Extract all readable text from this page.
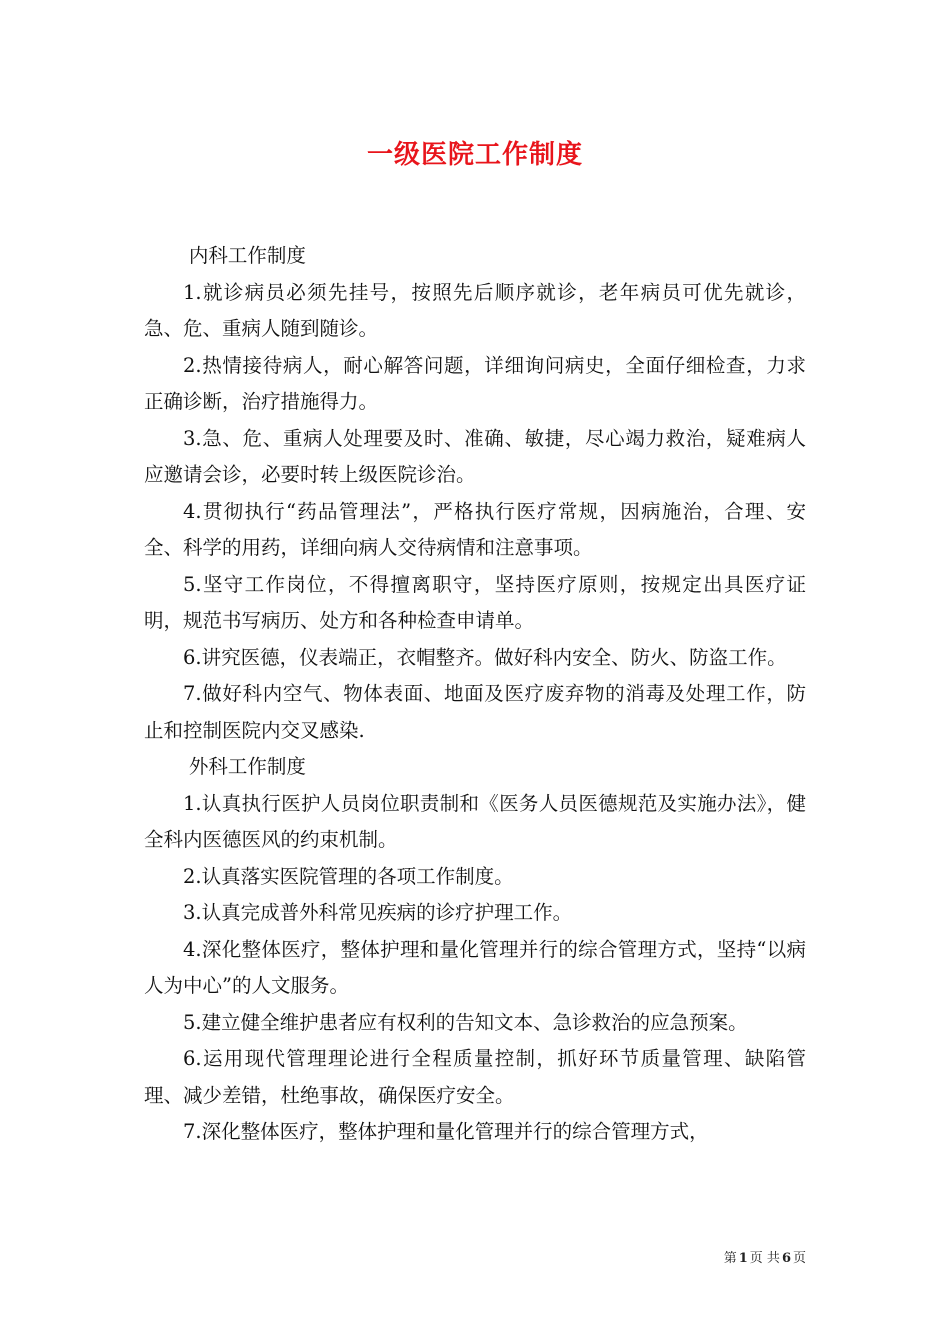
一级医院工作制度

内科工作制度

1.就诊病员必须先挂号，按照先后顺序就诊，老年病员可优先就诊，急、危、重病人随到随诊。

2.热情接待病人，耐心解答问题，详细询问病史，全面仔细检查，力求正确诊断，治疗措施得力。

3.急、危、重病人处理要及时、准确、敏捷，尽心竭力救治，疑难病人应邀请会诊，必要时转上级医院诊治。

4.贯彻执行“药品管理法”，严格执行医疗常规，因病施治，合理、安全、科学的用药，详细向病人交待病情和注意事项。

5.坚守工作岗位，不得擅离职守，坚持医疗原则，按规定出具医疗证明，规范书写病历、处方和各种检查申请单。

6.讲究医德，仪表端正，衣帽整齐。做好科内安全、防火、防盗工作。

7.做好科内空气、物体表面、地面及医疗废弃物的消毒及处理工作，防止和控制医院内交叉感染.

外科工作制度

1.认真执行医护人员岗位职责制和《医务人员医德规范及实施办法》，健全科内医德医风的约束机制。

2.认真落实医院管理的各项工作制度。

3.认真完成普外科常见疾病的诊疗护理工作。

4.深化整体医疗，整体护理和量化管理并行的综合管理方式，坚持“以病人为中心”的人文服务。

5.建立健全维护患者应有权利的告知文本、急诊救治的应急预案。

6.运用现代管理理论进行全程质量控制，抓好环节质量管理、缺陷管理、减少差错，杜绝事故，确保医疗安全。

7.深化整体医疗，整体护理和量化管理并行的综合管理方式，

第 1 页 共 6 页
